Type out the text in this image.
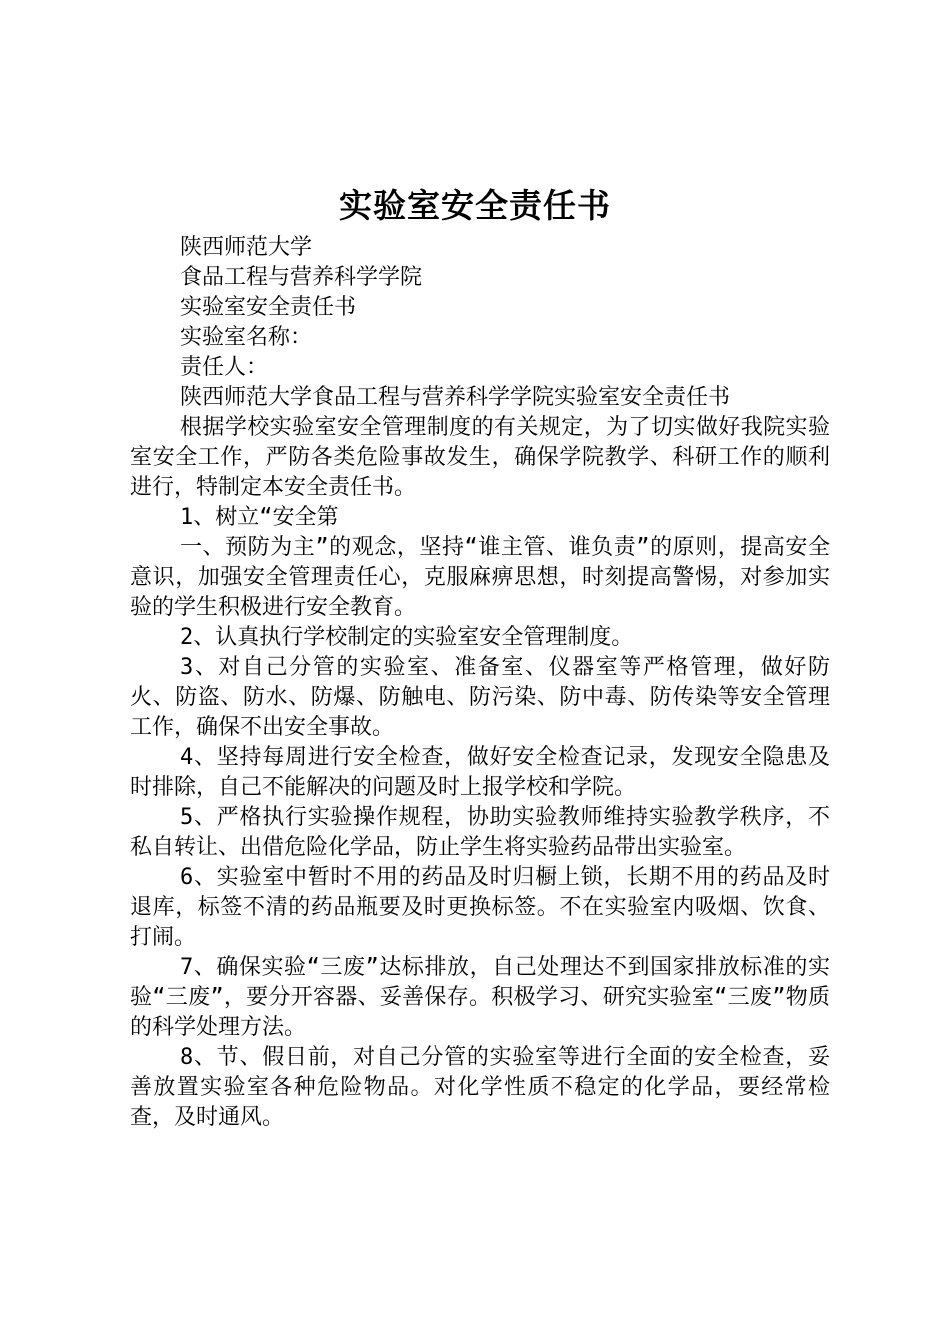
实验室安全责任书

陕西师范大学

食品工程与营养科学学院

实验室安全责任书

实验室名称：

责任人：

陕西师范大学食品工程与营养科学学院实验室安全责任书

根据学校实验室安全管理制度的有关规定，为了切实做好我院实验室安全工作，严防各类危险事故发生，确保学院教学、科研工作的顺利进行，特制定本安全责任书。

1、树立“安全第

一、预防为主”的观念，坚持“谁主管、谁负责”的原则，提高安全意识，加强安全管理责任心，克服麻痹思想，时刻提高警惕，对参加实验的学生积极进行安全教育。

2、认真执行学校制定的实验室安全管理制度。

3、对自己分管的实验室、准备室、仪器室等严格管理，做好防火、防盗、防水、防爆、防触电、防污染、防中毒、防传染等安全管理工作，确保不出安全事故。

4、坚持每周进行安全检查，做好安全检查记录，发现安全隐患及时排除，自己不能解决的问题及时上报学校和学院。

5、严格执行实验操作规程，协助实验教师维持实验教学秩序，不私自转让、出借危险化学品，防止学生将实验药品带出实验室。

6、实验室中暂时不用的药品及时归橱上锁，长期不用的药品及时退库，标签不清的药品瓶要及时更换标签。不在实验室内吸烟、饮食、打闹。

7、确保实验“三废”达标排放，自己处理达不到国家排放标准的实验“三废”，要分开容器、妥善保存。积极学习、研究实验室“三废”物质的科学处理方法。

8、节、假日前，对自己分管的实验室等进行全面的安全检查，妥善放置实验室各种危险物品。对化学性质不稳定的化学品，要经常检查，及时通风。
